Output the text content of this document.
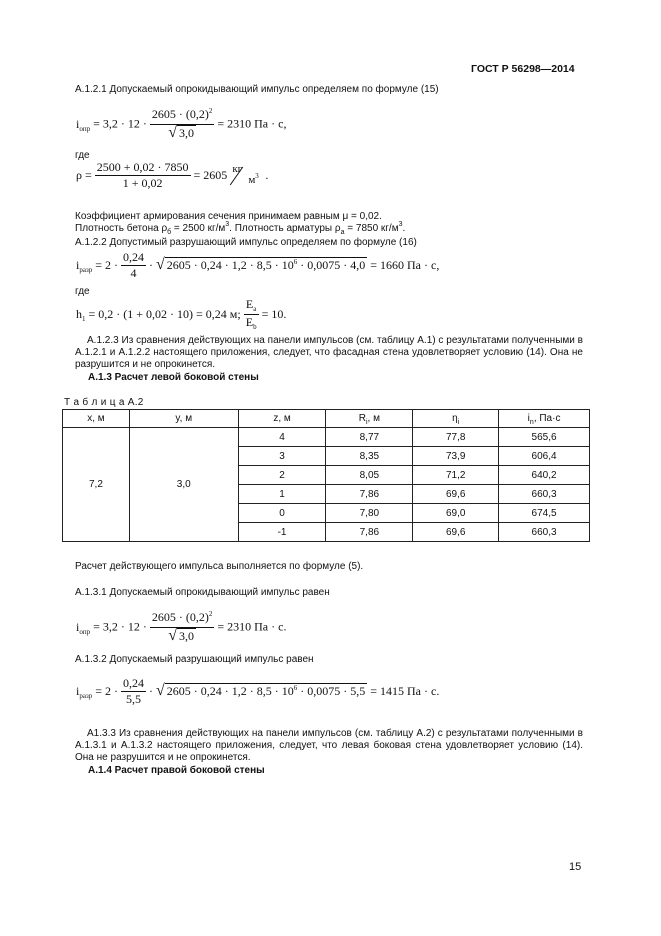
ГОСТ Р 56298—2014
А.1.2.1 Допускаемый опрокидывающий импульс определяем по формуле (15)
$i_{опр} = 3,2 \cdot 12 \cdot \frac{2605 \cdot (0,2)^2}{√ 3,0} = 2310$ Па · с,
где
$\rho = \frac{2500 + 0,02 \cdot 7850}{1 + 0,02} = 2605$ кг
$м^3$ .
Коэффициент армирования сечения принимаем равным μ = 0,02.
Плотность бетона $\rho_б = 2500$ $кг/м^3$. Плотность арматуры $\rho_а = 7850$ $кг/м^3$.
А.1.2.2 Допустимый разрушающий импульс определяем по формуле (16)
$i_{разр} = 2 \cdot \frac{0,24}{4}$ · √ $2605 \cdot 0,24 \cdot 1,2 \cdot 8,5 \cdot 10^6 \cdot 0,0075 \cdot 4,0 = 1660$ Па · с,
где
$h_1 = 0,2 \cdot (1 + 0,02 \cdot 10) = 0,24$ м; $\frac{E_а}{E_b} = 10$.
А.1.2.3 Из сравнения действующих на панели импульсов (см. таблицу А.1) с результатами полученными в А.1.2.1 и А.1.2.2 настоящего приложения, следует, что фасадная стена удовлетворяет условию (14). Она не разрушится и не опрокинется.
А.1.3 Расчет левой боковой стены
Т а б л и ц а А.2
x, м	y, м	z, м	$R_i$, м	$\eta_i$	$i_n$, Па·с
7,2	3,0	4	8,77	77,8	565,6
		3	8,35	73,9	606,4
		2	8,05	71,2	640,2
		1	7,86	69,6	660,3
		0	7,80	69,0	674,5
		-1	7,86	69,6	660,3
Расчет действующего импульса выполняется по формуле (5).
А.1.3.1 Допускаемый опрокидывающий импульс равен
$i_{опр} = 3,2 \cdot 12 \cdot \frac{2605 \cdot (0,2)^2}{√ 3,0} = 2310$ Па · с.
А.1.3.2 Допускаемый разрушающий импульс равен
$i_{разр} = 2 \cdot \frac{0,24}{5,5}$ · √ $2605 \cdot 0,24 \cdot 1,2 \cdot 8,5 \cdot 10^6 \cdot 0,0075 \cdot 5,5 = 1415$ Па · с.
А1.3.3 Из сравнения действующих на панели импульсов (см. таблицу А.2) с результатами полученными в А.1.3.1 и А.1.3.2 настоящего приложения, следует, что левая боковая стена удовлетворяет условию (14). Она не разрушится и не опрокинется.
А.1.4 Расчет правой боковой стены
15
